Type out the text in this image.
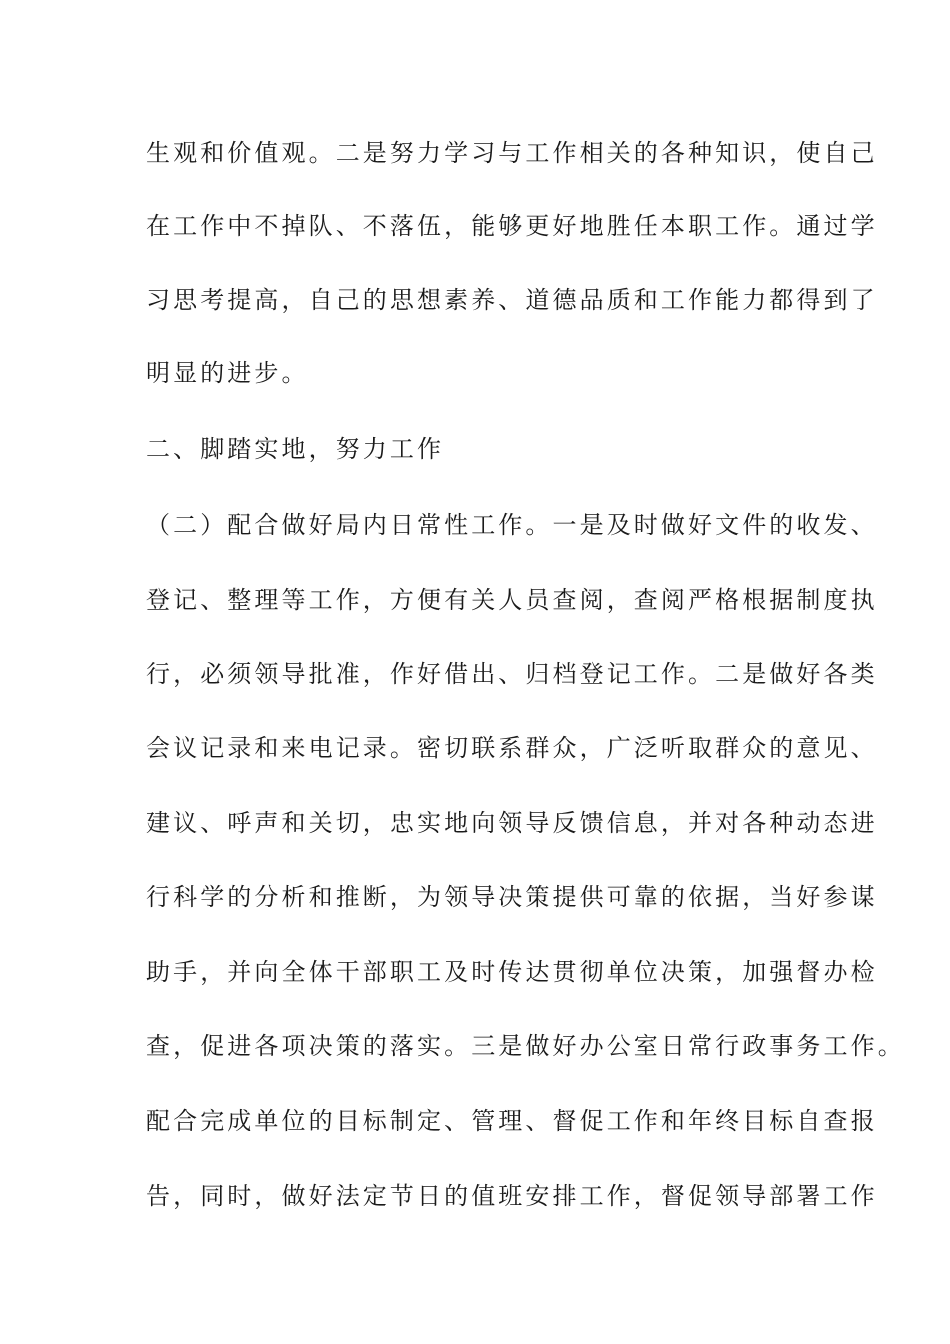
生观和价值观。二是努力学习与工作相关的各种知识，使自己
在工作中不掉队、不落伍，能够更好地胜任本职工作。通过学
习思考提高，自己的思想素养、道德品质和工作能力都得到了
明显的进步。
二、脚踏实地，努力工作
（二）配合做好局内日常性工作。一是及时做好文件的收发、
登记、整理等工作，方便有关人员查阅，查阅严格根据制度执
行，必须领导批准，作好借出、归档登记工作。二是做好各类
会议记录和来电记录。密切联系群众，广泛听取群众的意见、
建议、呼声和关切，忠实地向领导反馈信息，并对各种动态进
行科学的分析和推断，为领导决策提供可靠的依据，当好参谋
助手，并向全体干部职工及时传达贯彻单位决策，加强督办检
查，促进各项决策的落实。三是做好办公室日常行政事务工作。
配合完成单位的目标制定、管理、督促工作和年终目标自查报
告，同时，做好法定节日的值班安排工作，督促领导部署工作
